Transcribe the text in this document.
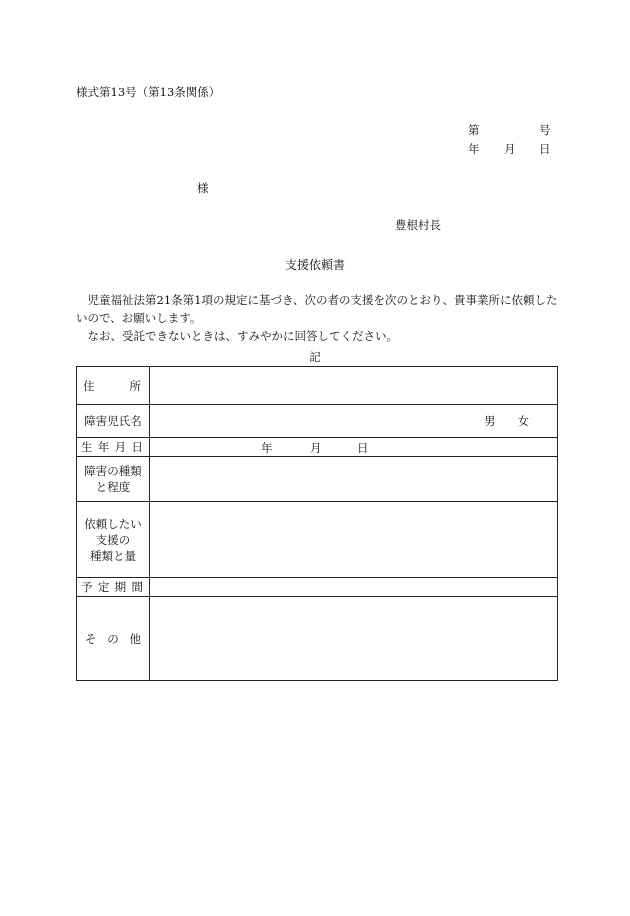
様式第13号（第13条関係）
第	号
年 月 日
様
豊根村長
支援依頼書

児童福祉法第21条第1項の規定に基づき、次の者の支援を次のとおり、貴事業所に依頼したいので、お願いします。

なお、受託できないときは、すみやかに回答してください。

記
住 所	

障害児氏名	男 女

生 年 月 日	年 月 日

障害の種類
と程度	

依頼したい
支援の
種類と量	

予 定 期 間	

そ の 他	
